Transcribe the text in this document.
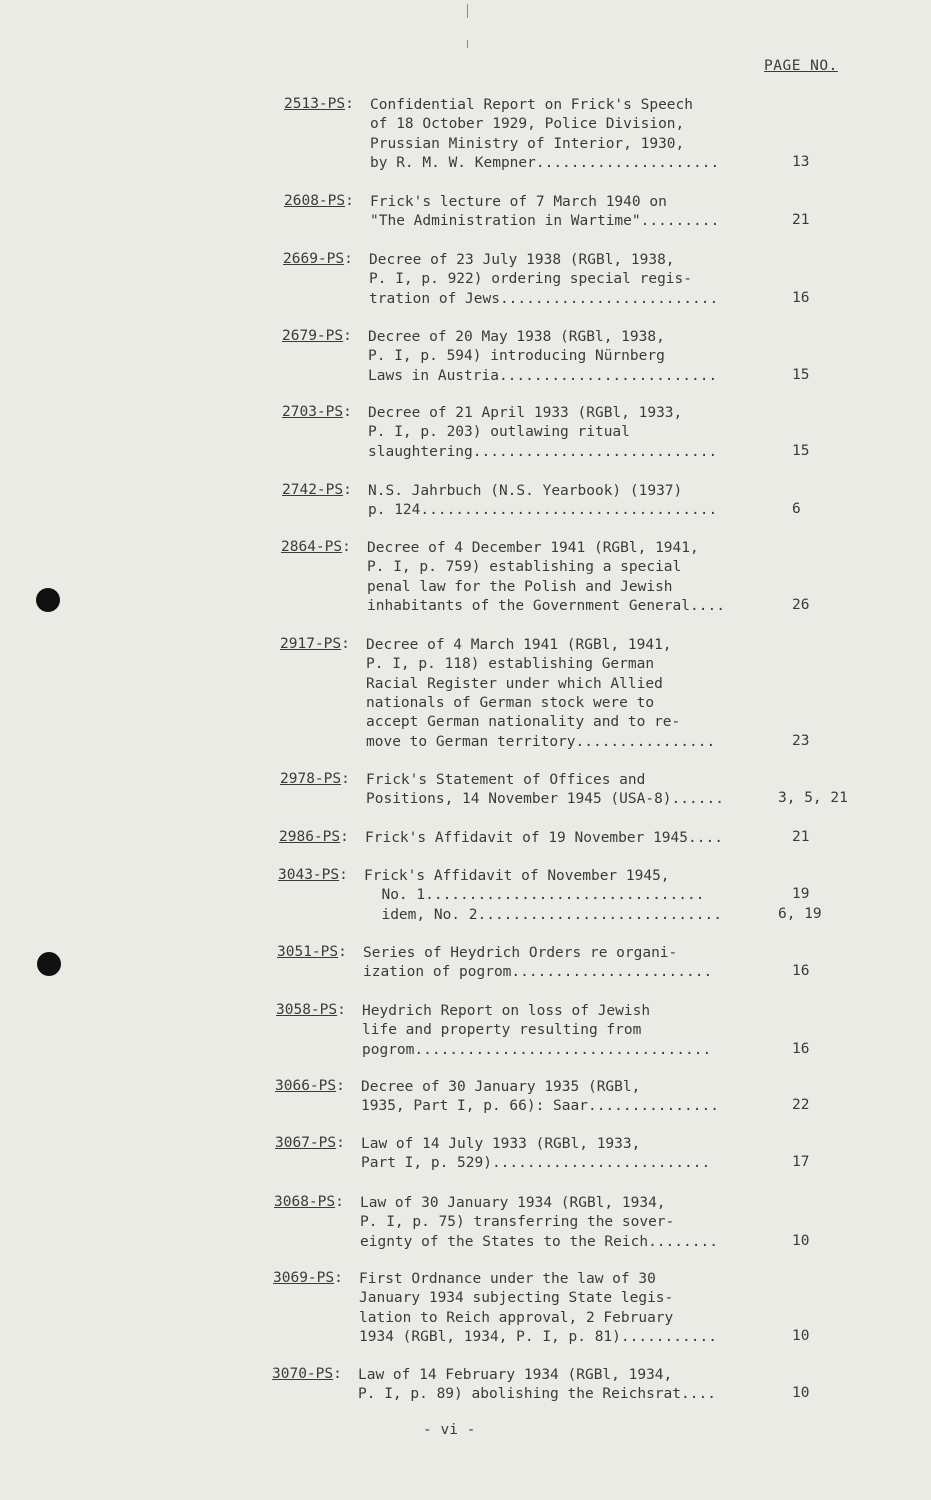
PAGE NO.
2513-PS: Confidential Report on Frick's Speech
of 18 October 1929, Police Division,
Prussian Ministry of Interior, 1930,
by R. M. W. Kempner.....................	13
2608-PS: Frick's lecture of 7 March 1940 on
"The Administration in Wartime".........	21
2669-PS: Decree of 23 July 1938 (RGBl, 1938,
P. I, p. 922) ordering special regis-
tration of Jews.........................	16
2679-PS: Decree of 20 May 1938 (RGBl, 1938,
P. I, p. 594) introducing Nürnberg
Laws in Austria.........................	15
2703-PS: Decree of 21 April 1933 (RGBl, 1933,
P. I, p. 203) outlawing ritual
slaughtering............................	15
2742-PS: N.S. Jahrbuch (N.S. Yearbook) (1937)
p. 124..................................	6
2864-PS: Decree of 4 December 1941 (RGBl, 1941,
P. I, p. 759) establishing a special
penal law for the Polish and Jewish
inhabitants of the Government General....	26
2917-PS: Decree of 4 March 1941 (RGBl, 1941,
P. I, p. 118) establishing German
Racial Register under which Allied
nationals of German stock were to
accept German nationality and to re-
move to German territory................	23
2978-PS: Frick's Statement of Offices and
Positions, 14 November 1945 (USA-8)......	3, 5, 21
2986-PS: Frick's Affidavit of 19 November 1945....	21
3043-PS: Frick's Affidavit of November 1945,
No. 1................................	19
idem, No. 2............................	6, 19
3051-PS: Series of Heydrich Orders re organi-
ization of pogrom.......................	16
3058-PS: Heydrich Report on loss of Jewish
life and property resulting from
pogrom..................................	16
3066-PS: Decree of 30 January 1935 (RGBl,
1935, Part I, p. 66): Saar...............	22
3067-PS: Law of 14 July 1933 (RGBl, 1933,
Part I, p. 529).........................	17
3068-PS: Law of 30 January 1934 (RGBl, 1934,
P. I, p. 75) transferring the sover-
eignty of the States to the Reich........	10
3069-PS: First Ordnance under the law of 30
January 1934 subjecting State legis-
lation to Reich approval, 2 February
1934 (RGBl, 1934, P. I, p. 81)...........	10
3070-PS: Law of 14 February 1934 (RGBl, 1934,
P. I, p. 89) abolishing the Reichsrat....	10
- vi -
